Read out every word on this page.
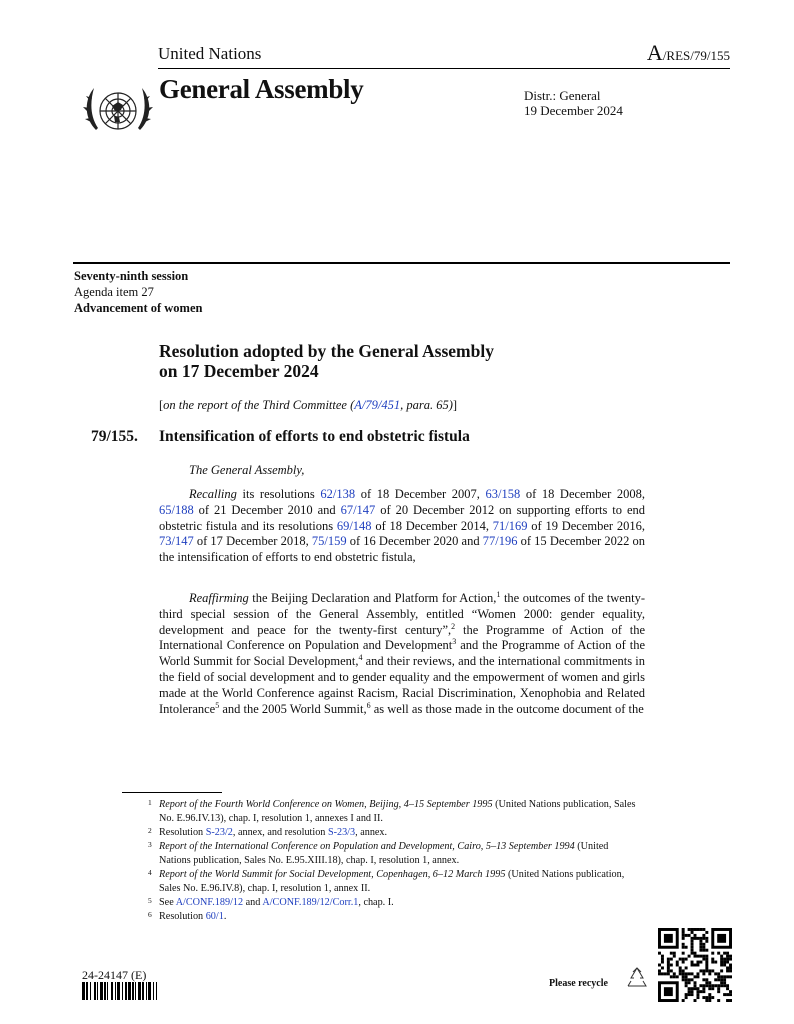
United Nations	A/RES/79/155
General Assembly	Distr.: General
19 December 2024
Seventy-ninth session
Agenda item 27
Advancement of women
Resolution adopted by the General Assembly
on 17 December 2024
[on the report of the Third Committee (A/79/451, para. 65)]
79/155. Intensification of efforts to end obstetric fistula
The General Assembly,
Recalling its resolutions 62/138 of 18 December 2007, 63/158 of 18 December 2008, 65/188 of 21 December 2010 and 67/147 of 20 December 2012 on supporting efforts to end obstetric fistula and its resolutions 69/148 of 18 December 2014, 71/169 of 19 December 2016, 73/147 of 17 December 2018, 75/159 of 16 December 2020 and 77/196 of 15 December 2022 on the intensification of efforts to end obstetric fistula,
Reaffirming the Beijing Declaration and Platform for Action,$^1$ the outcomes of the twenty-third special session of the General Assembly, entitled “Women 2000: gender equality, development and peace for the twenty-first century”,$^2$ the Programme of Action of the International Conference on Population and Development$^3$ and the Programme of Action of the World Summit for Social Development,$^4$ and their reviews, and the international commitments in the field of social development and to gender equality and the empowerment of women and girls made at the World Conference against Racism, Racial Discrimination, Xenophobia and Related Intolerance$^5$ and the 2005 World Summit,$^6$ as well as those made in the outcome document of the
1 Report of the Fourth World Conference on Women, Beijing, 4–15 September 1995 (United Nations publication, Sales No. E.96.IV.13), chap. I, resolution 1, annexes I and II.
2 Resolution S-23/2, annex, and resolution S-23/3, annex.
3 Report of the International Conference on Population and Development, Cairo, 5–13 September 1994 (United Nations publication, Sales No. E.95.XIII.18), chap. I, resolution 1, annex.
4 Report of the World Summit for Social Development, Copenhagen, 6–12 March 1995 (United Nations publication, Sales No. E.96.IV.8), chap. I, resolution 1, annex II.
5 See A/CONF.189/12 and A/CONF.189/12/Corr.1, chap. I.
6 Resolution 60/1.
24-24147 (E)
Please recycle
